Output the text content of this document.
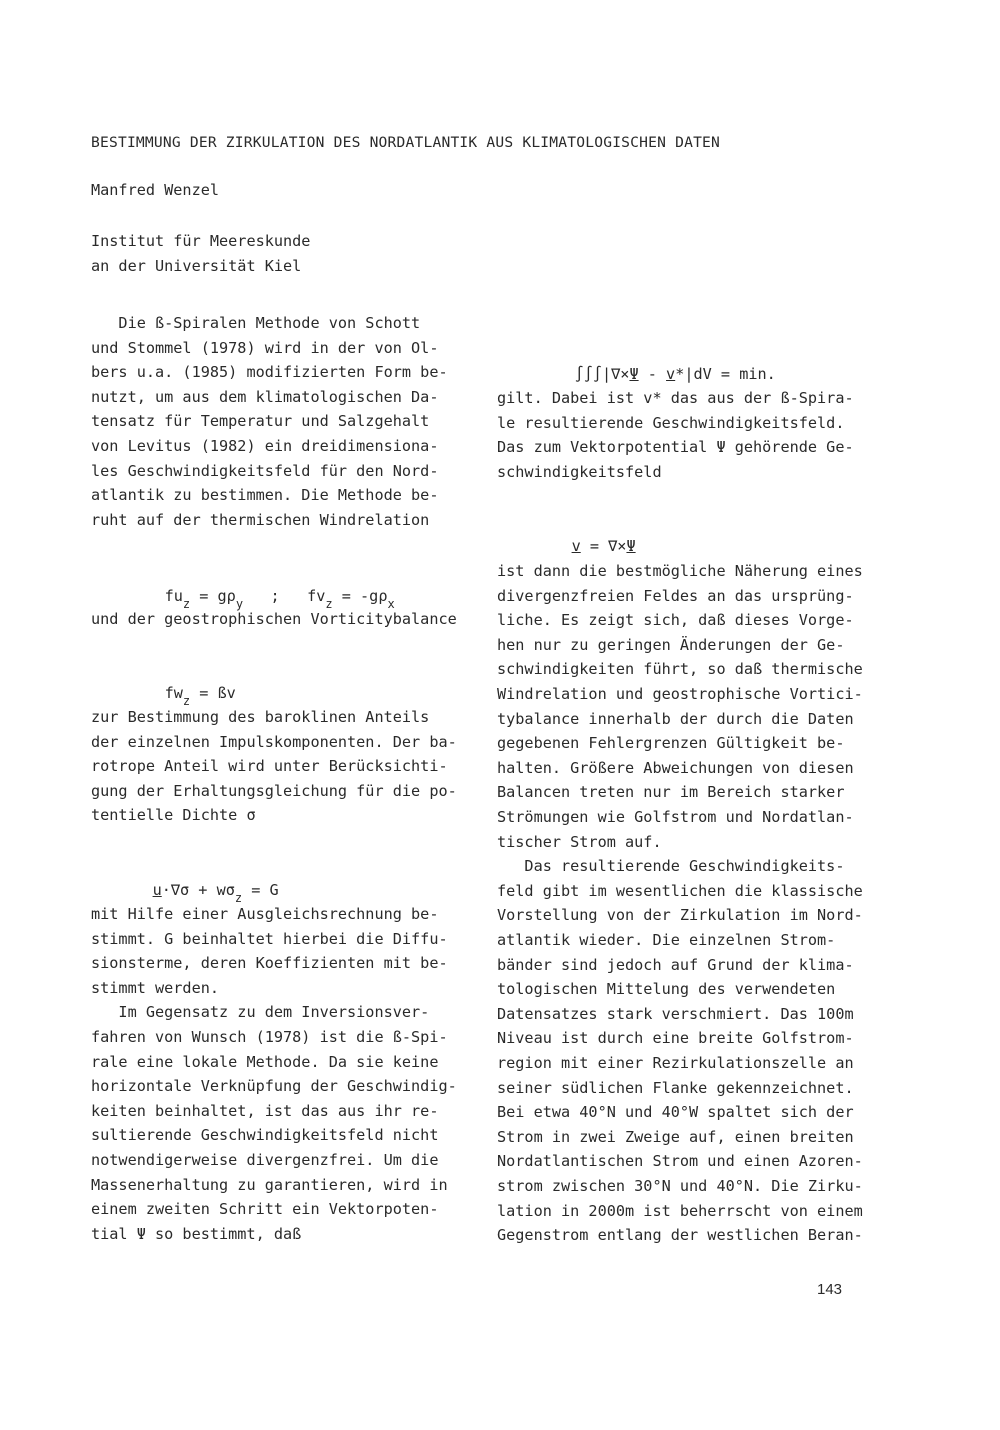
BESTIMMUNG DER ZIRKULATION DES NORDATLANTIK AUS KLIMATOLOGISCHEN DATEN
Manfred Wenzel
Institut für Meereskunde
an der Universität Kiel
Die ß-Spiralen Methode von Schott
und Stommel (1978) wird in der von Ol-
bers u.a. (1985) modifizierten Form be-
nutzt, um aus dem klimatologischen Da-
tensatz für Temperatur und Salzgehalt
von Levitus (1982) ein dreidimensiona-
les Geschwindigkeitsfeld für den Nord-
atlantik zu bestimmen. Die Methode be-
ruht auf der thermischen Windrelation

$fu_z = g\rho_y$   ;   $fv_z = -g\rho_x$

und der geostrophischen Vorticitybalance

$fw_z$ = ßv

zur Bestimmung des baroklinen Anteils
der einzelnen Impulskomponenten. Der ba-
rotrope Anteil wird unter Berücksichti-
gung der Erhaltungsgleichung für die po-
tentielle Dichte σ

$u\cdot\nabla\sigma + w\sigma_z = G$

mit Hilfe einer Ausgleichsrechnung be-
stimmt. G beinhaltet hierbei die Diffu-
sionsterme, deren Koeffizienten mit be-
stimmt werden.
Im Gegensatz zu dem Inversionsver-
fahren von Wunsch (1978) ist die ß-Spi-
rale eine lokale Methode. Da sie keine
horizontale Verknüpfung der Geschwindig-
keiten beinhaltet, ist das aus ihr re-
sultierende Geschwindigkeitsfeld nicht
notwendigerweise divergenzfrei. Um die
Massenerhaltung zu garantieren, wird in
einem zweiten Schritt ein Vektorpoten-
tial Ψ so bestimmt, daß

∫∫∫|∇×Ψ - v*|dV = min.

gilt. Dabei ist v* das aus der ß-Spira-
le resultierende Geschwindigkeitsfeld.
Das zum Vektorpotential Ψ gehörende Ge-
schwindigkeitsfeld

v = ∇×Ψ

ist dann die bestmögliche Näherung eines
divergenzfreien Feldes an das ursprüng-
liche. Es zeigt sich, daß dieses Vorge-
hen nur zu geringen Änderungen der Ge-
schwindigkeiten führt, so daß thermische
Windrelation und geostrophische Vortici-
tybalance innerhalb der durch die Daten
gegebenen Fehlergrenzen Gültigkeit be-
halten. Größere Abweichungen von diesen
Balancen treten nur im Bereich starker
Strömungen wie Golfstrom und Nordatlan-
tischer Strom auf.
Das resultierende Geschwindigkeits-
feld gibt im wesentlichen die klassische
Vorstellung von der Zirkulation im Nord-
atlantik wieder. Die einzelnen Strom-
bänder sind jedoch auf Grund der klima-
tologischen Mittelung des verwendeten
Datensatzes stark verschmiert. Das 100m
Niveau ist durch eine breite Golfstrom-
region mit einer Rezirkulationszelle an
seiner südlichen Flanke gekennzeichnet.
Bei etwa 40°N und 40°W spaltet sich der
Strom in zwei Zweige auf, einen breiten
Nordatlantischen Strom und einen Azoren-
strom zwischen 30°N und 40°N. Die Zirku-
lation in 2000m ist beherrscht von einem
Gegenstrom entlang der westlichen Beran-
143
